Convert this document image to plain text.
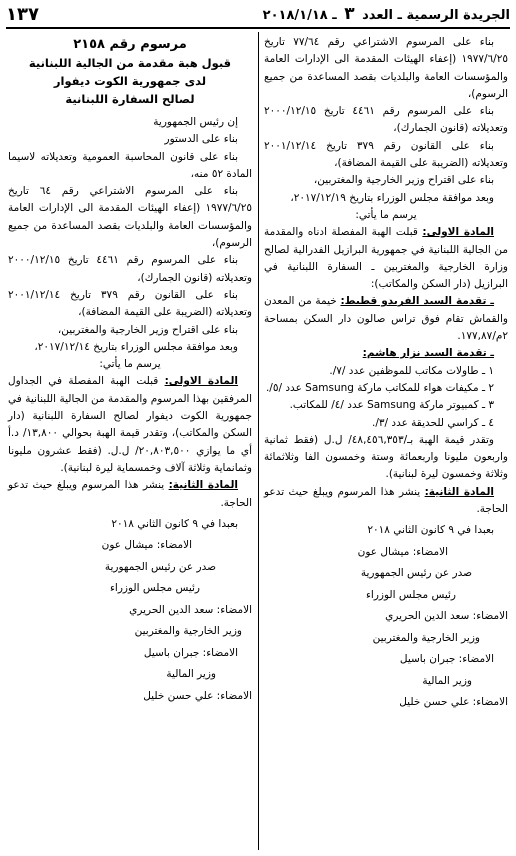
الجريدة الرسمية ـ العدد ٣ ـ ٢٠١٨/١/١٨
١٣٧

بناء على المرسوم الاشتراعي رقم ٧٧/٦٤ تاريخ ١٩٧٧/٦/٢٥ (إعفاء الهيئات المقدمة الى الإدارات العامة والمؤسسات العامة والبلديات بقصد المساعدة من جميع الرسوم)،

بناء على المرسوم رقم ٤٤٦١ تاريخ ٢٠٠٠/١٢/١٥ وتعديلاته (قانون الجمارك)،

بناء على القانون رقم ٣٧٩ تاريخ ٢٠٠١/١٢/١٤ وتعديلاته (الضريبة على القيمة المضافة)،

بناء على اقتراح وزير الخارجية والمغتربين،

وبعد موافقة مجلس الوزراء بتاريخ ٢٠١٧/١٢/١٩،

يرسم ما يأتي:

المادة الاولى: قبلت الهبة المفصلة ادناه والمقدمة من الجالية اللبنانية في جمهورية البرازيل الفدرالية لصالح وزارة الخارجية والمغتربين ـ السفارة اللبنانية في البرازيل (دار السكن والمكاتب):

ـ تقدمة السيد الفريدو قطيط: خيمة من المعدن والقماش تقام فوق تراس صالون دار السكن بمساحة ٢م/١٧٧,٨٧.

ـ تقدمة السيد نزار هاشم:

١ ـ طاولات مكاتب للموظفين عدد /٧/.

٢ ـ مكيفات هواء للمكاتب ماركة Samsung عدد /٥/.

٣ ـ كمبيوتر ماركة Samsung عدد /٤/ للمكاتب.

٤ ـ كراسي للحديقة عدد /٣/.

وتقدر قيمة الهبة بـ/٤٨,٤٥٦,٣٥٣/ ل.ل (فقط ثمانية واربعون مليونا واربعمائة وستة وخمسون الفا وثلاثمائة وثلاثة وخمسون ليرة لبنانية).

المادة الثانية: ينشر هذا المرسوم ويبلغ حيث تدعو الحاجة.

بعبدا في ٩ كانون الثاني ٢٠١٨

الامضاء: ميشال عون

صدر عن رئيس الجمهورية

رئيس مجلس الوزراء

الامضاء: سعد الدين الحريري

وزير الخارجية والمغتربين

الامضاء: جبران باسيل

وزير المالية

الامضاء: علي حسن خليل

مرسوم رقم ٢١٥٨
قبول هبة مقدمة من الجالية اللبنانية
لدى جمهورية الكوت ديفوار
لصالح السفارة اللبنانية

إن رئيس الجمهورية

بناء على الدستور

بناء على قانون المحاسبة العمومية وتعديلاته لاسيما المادة ٥٢ منه،

بناء على المرسوم الاشتراعي رقم ٦٤ تاريخ ١٩٧٧/٦/٢٥ (إعفاء الهيئات المقدمة الى الإدارات العامة والمؤسسات العامة والبلديات بقصد المساعدة من جميع الرسوم)،

بناء على المرسوم رقم ٤٤٦١ تاريخ ٢٠٠٠/١٢/١٥ وتعديلاته (قانون الجمارك)،

بناء على القانون رقم ٣٧٩ تاريخ ٢٠٠١/١٢/١٤ وتعديلاته (الضريبة على القيمة المضافة)،

بناء على اقتراح وزير الخارجية والمغتربين،

وبعد موافقة مجلس الوزراء بتاريخ ٢٠١٧/١٢/١٤،

يرسم ما يأتي:

المادة الاولى: قبلت الهبة المفصلة في الجداول المرفقين بهذا المرسوم والمقدمة من الجالية اللبنانية في جمهورية الكوت ديفوار لصالح السفارة اللبنانية (دار السكن والمكاتب)، وتقدر قيمة الهبة بحوالي ١٣,٨٠٠/ د.أ أي ما يوازي ٢٠,٨٠٣,٥٠٠/ ل.ل. (فقط عشرون مليونا وثمانماية وثلاثة آلاف وخمسماية ليرة لبنانية).

المادة الثانية: ينشر هذا المرسوم ويبلغ حيث تدعو الحاجة.

بعبدا في ٩ كانون الثاني ٢٠١٨

الامضاء: ميشال عون

صدر عن رئيس الجمهورية

رئيس مجلس الوزراء

الامضاء: سعد الدين الحريري

وزير الخارجية والمغتربين

الامضاء: جبران باسيل

وزير المالية

الامضاء: علي حسن خليل
